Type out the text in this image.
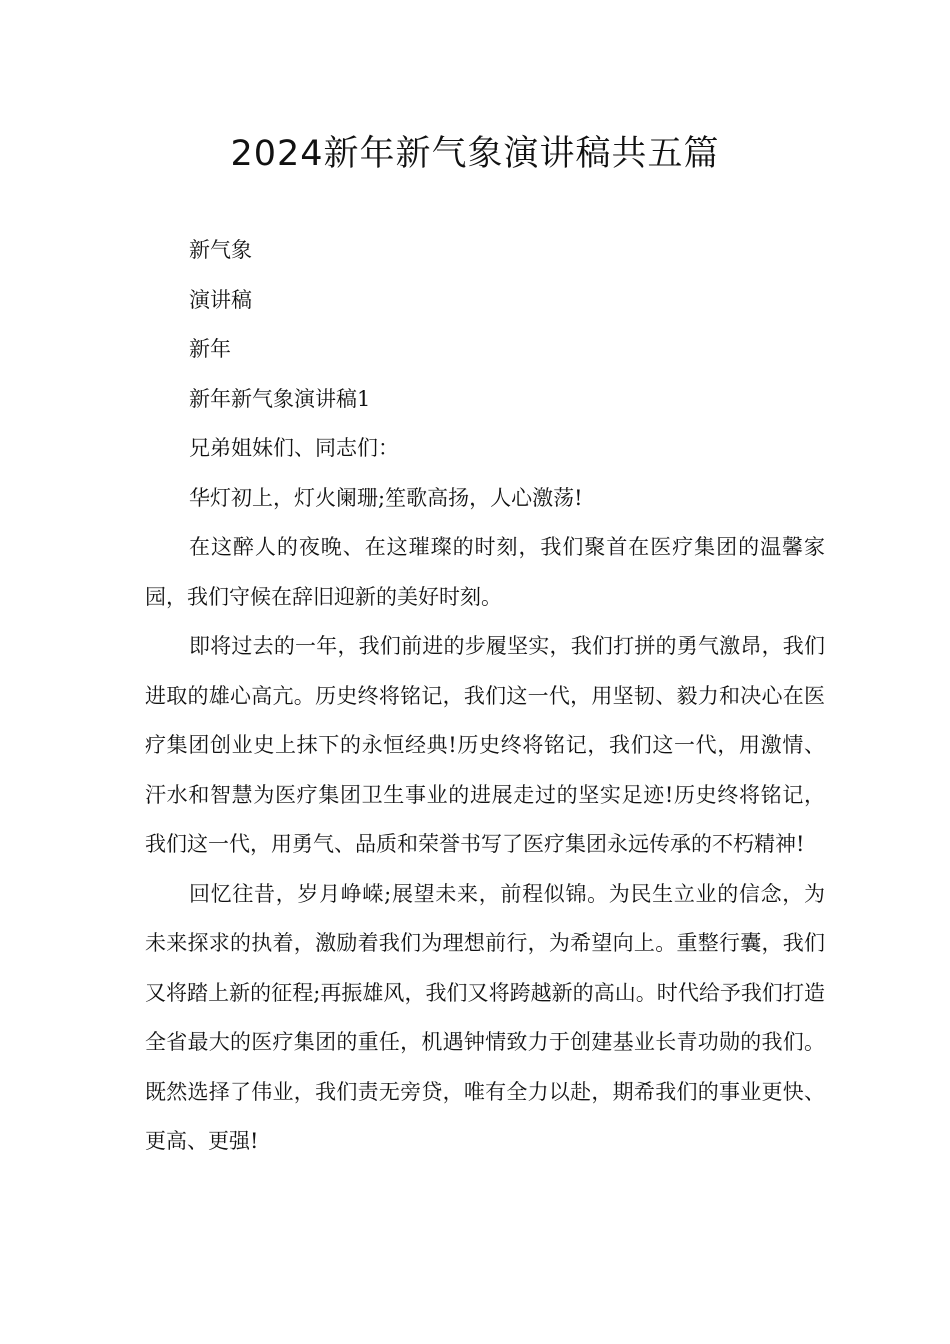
2024新年新气象演讲稿共五篇

新气象

演讲稿

新年

新年新气象演讲稿1

兄弟姐妹们、同志们：

华灯初上，灯火阑珊;笙歌高扬，人心激荡!

在这醉人的夜晚、在这璀璨的时刻，我们聚首在医疗集团的温馨家园，我们守候在辞旧迎新的美好时刻。

即将过去的一年，我们前进的步履坚实，我们打拼的勇气激昂，我们进取的雄心高亢。历史终将铭记，我们这一代，用坚韧、毅力和决心在医疗集团创业史上抹下的永恒经典!历史终将铭记，我们这一代，用激情、汗水和智慧为医疗集团卫生事业的进展走过的坚实足迹!历史终将铭记，我们这一代，用勇气、品质和荣誉书写了医疗集团永远传承的不朽精神!

回忆往昔，岁月峥嵘;展望未来，前程似锦。为民生立业的信念，为未来探求的执着，激励着我们为理想前行，为希望向上。重整行囊，我们又将踏上新的征程;再振雄风，我们又将跨越新的高山。时代给予我们打造全省最大的医疗集团的重任，机遇钟情致力于创建基业长青功勋的我们。既然选择了伟业，我们责无旁贷，唯有全力以赴，期希我们的事业更快、更高、更强!
